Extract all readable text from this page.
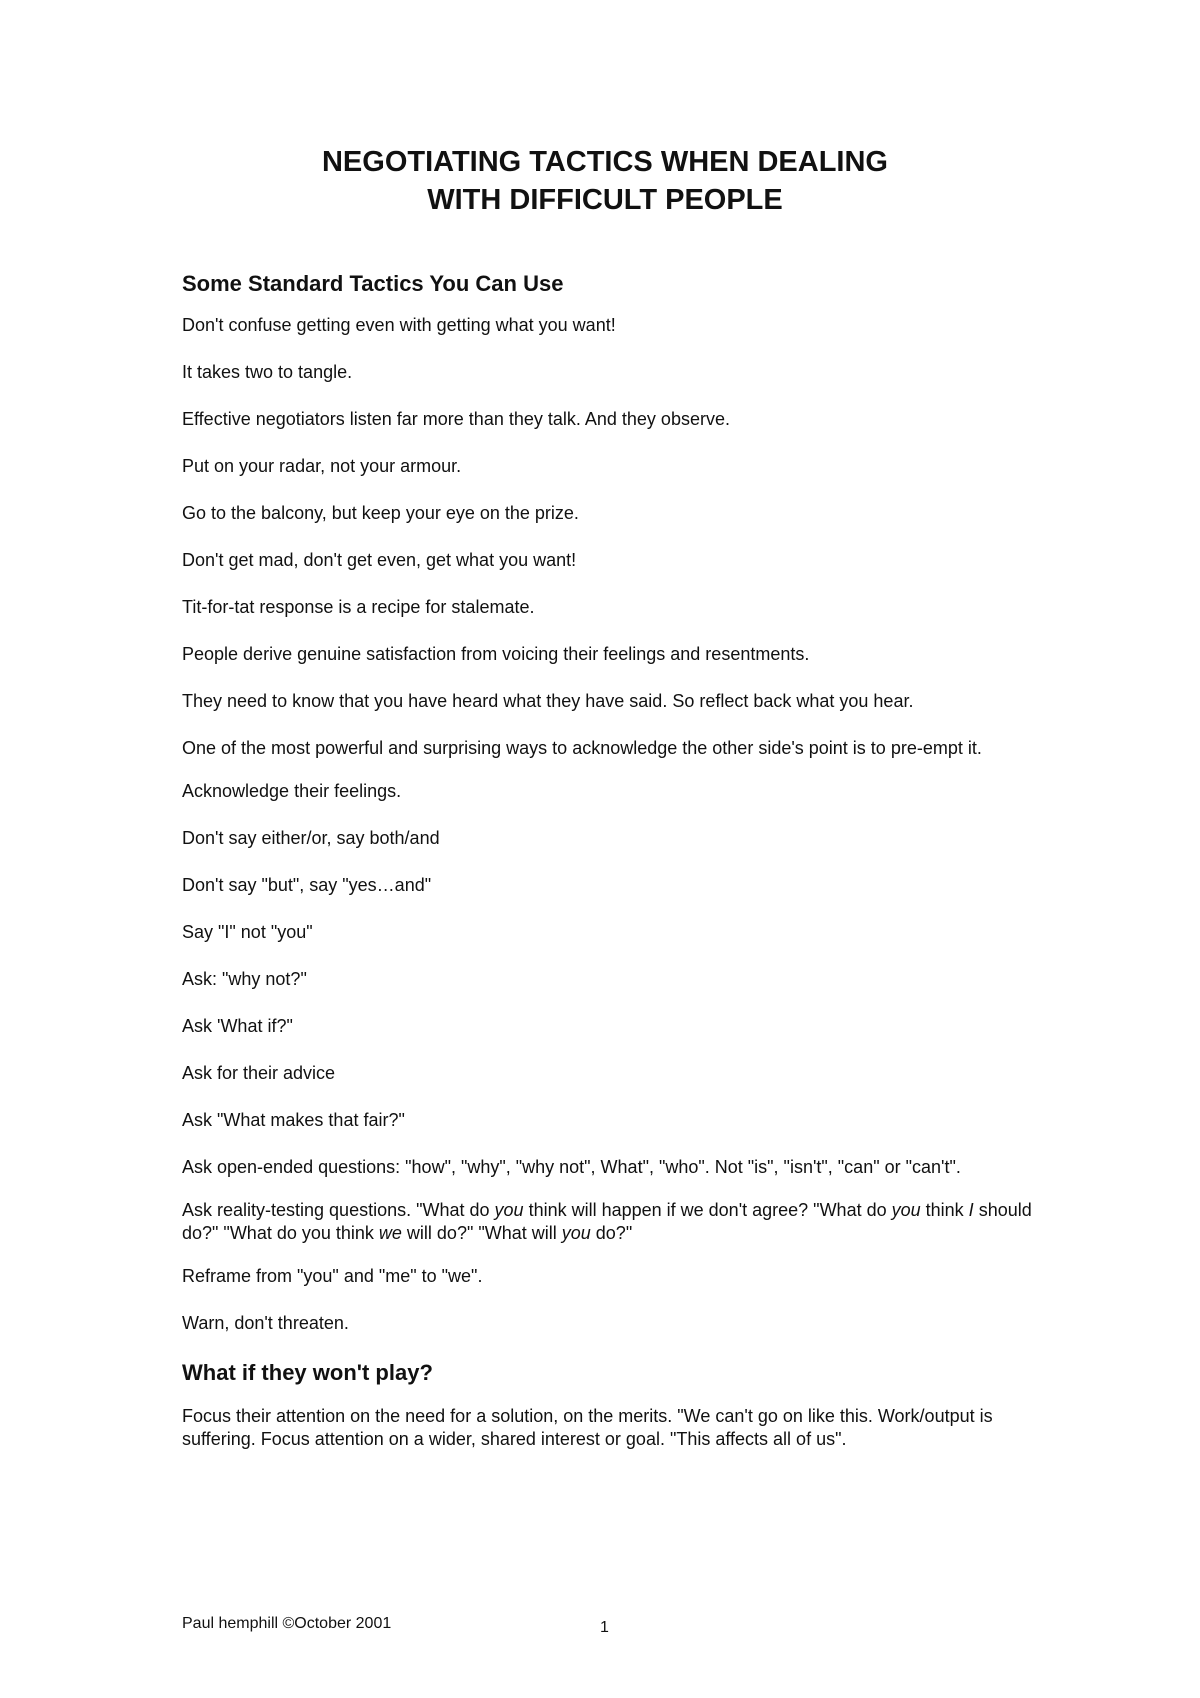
NEGOTIATING TACTICS WHEN DEALING
WITH DIFFICULT PEOPLE
Some Standard Tactics You Can Use

Don't confuse getting even with getting what you want!

It takes two to tangle.

Effective negotiators listen far more than they talk. And they observe.

Put on your radar, not your armour.

Go to the balcony, but keep your eye on the prize.

Don't get mad, don't get even, get what you want!

Tit-for-tat response is a recipe for stalemate.

People derive genuine satisfaction from voicing their feelings and resentments.

They need to know that you have heard what they have said. So reflect back what you hear.

One of the most powerful and surprising ways to acknowledge the other side's point is to pre-empt it.

Acknowledge their feelings.

Don't say either/or, say both/and

Don't say "but", say "yes…and"

Say "I" not "you"

Ask: "why not?"

Ask 'What if?"

Ask for their advice

Ask "What makes that fair?"

Ask open-ended questions: "how", "why", "why not", What", "who". Not "is", "isn't", "can" or "can't".

Ask reality-testing questions. "What do you think will happen if we don't agree? "What do you think I should do?" "What do you think we will do?" "What will you do?"

Reframe from "you" and "me" to "we".

Warn, don't threaten.

What if they won't play?

Focus their attention on the need for a solution, on the merits. "We can't go on like this. Work/output is suffering. Focus attention on a wider, shared interest or goal. "This affects all of us".

Paul hemphill ©October 2001	1
